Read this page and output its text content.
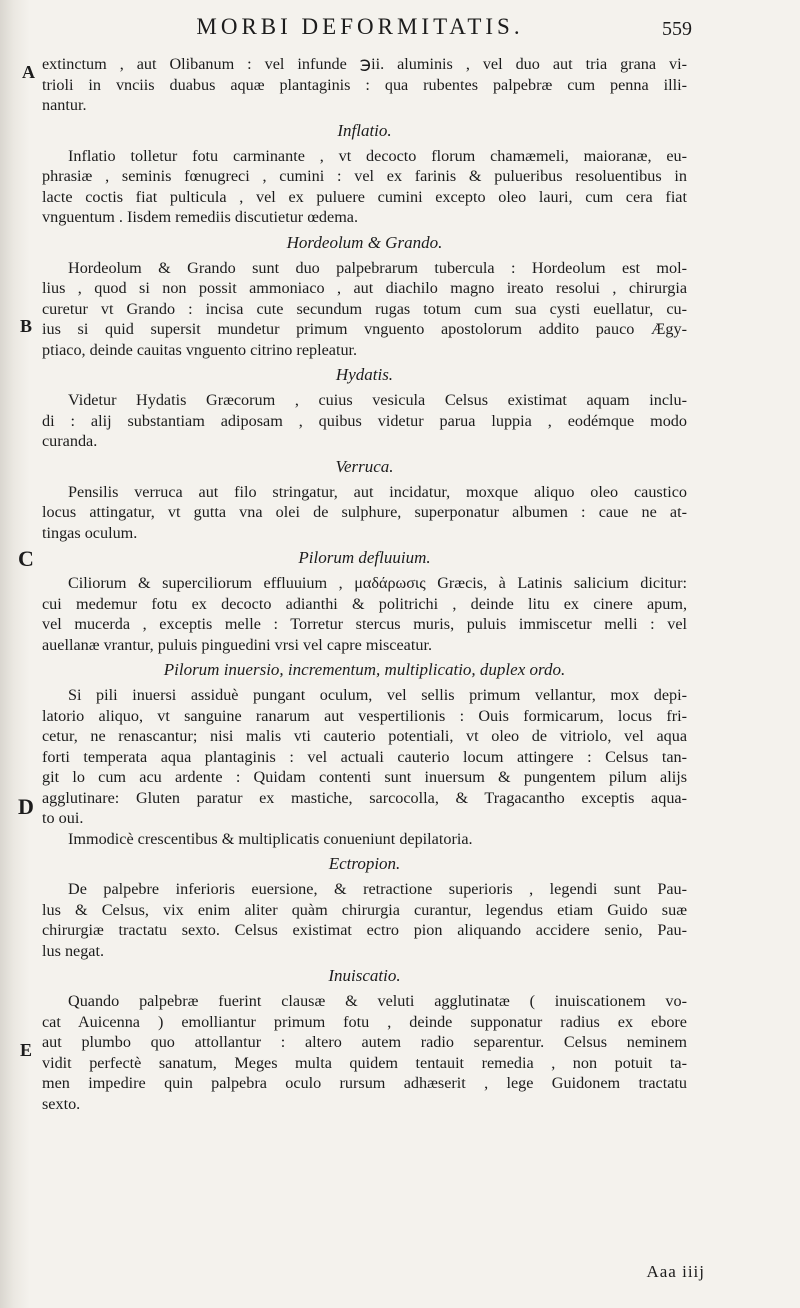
MORBI DEFORMITATIS.	559
A
B
C
D
E
extinctum , aut Olibanum : vel infunde ℈ii. aluminis , vel duo aut tria grana vi-
trioli in vnciis duabus aquæ plantaginis : qua rubentes palpebræ cum penna illi-
nantur.
Inflatio.
Inflatio tolletur fotu carminante , vt decocto florum chamæmeli, maioranæ, eu-
phrasiæ , seminis fœnugreci , cumini : vel ex farinis & pulueribus resoluentibus in
lacte coctis fiat pulticula , vel ex puluere cumini excepto oleo lauri, cum cera fiat
vnguentum . Iisdem remediis discutietur œdema.
Hordeolum & Grando.
Hordeolum & Grando sunt duo palpebrarum tubercula : Hordeolum est mol-
lius , quod si non possit ammoniaco , aut diachilo magno ireato resolui , chirurgia
curetur vt Grando : incisa cute secundum rugas totum cum sua cysti euellatur, cu-
ius si quid supersit mundetur primum vnguento apostolorum addito pauco Ægy-
ptiaco, deinde cauitas vnguento citrino repleatur.
Hydatis.
Videtur Hydatis Græcorum , cuius vesicula Celsus existimat aquam inclu-
di : alij substantiam adiposam , quibus videtur parua luppia , eodémque modo
curanda.
Verruca.
Pensilis verruca aut filo stringatur, aut incidatur, moxque aliquo oleo caustico
locus attingatur, vt gutta vna olei de sulphure, superponatur albumen : caue ne at-
tingas oculum.
Pilorum defluuium.
Ciliorum & superciliorum effluuium , μαδάρωσις Græcis, à Latinis salicium dicitur:
cui medemur fotu ex decocto adianthi & politrichi , deinde litu ex cinere apum,
vel mucerda , exceptis melle : Torretur stercus muris, puluis immiscetur melli : vel
auellanæ vrantur, puluis pinguedini vrsi vel capre misceatur.
Pilorum inuersio, incrementum, multiplicatio, duplex ordo.
Si pili inuersi assiduè pungant oculum, vel sellis primum vellantur, mox depi-
latorio aliquo, vt sanguine ranarum aut vespertilionis : Ouis formicarum, locus fri-
cetur, ne renascantur; nisi malis vti cauterio potentiali, vt oleo de vitriolo, vel aqua
forti temperata aqua plantaginis : vel actuali cauterio locum attingere : Celsus tan-
git lo cum acu ardente : Quidam contenti sunt inuersum & pungentem pilum alijs
agglutinare: Gluten paratur ex mastiche, sarcocolla, & Tragacantho exceptis aqua-
to oui.
Immodicè crescentibus & multiplicatis conueniunt depilatoria.
Ectropion.
De palpebre inferioris euersione, & retractione superioris , legendi sunt Pau-
lus & Celsus, vix enim aliter quàm chirurgia curantur, legendus etiam Guido suæ
chirurgiæ tractatu sexto. Celsus existimat ectro pion aliquando accidere senio, Pau-
lus negat.
Inuiscatio.
Quando palpebræ fuerint clausæ & veluti agglutinatæ ( inuiscationem vo-
cat Auicenna ) emolliantur primum fotu , deinde supponatur radius ex ebore
aut plumbo quo attollantur : altero autem radio separentur. Celsus neminem
vidit perfectè sanatum, Meges multa quidem tentauit remedia , non potuit ta-
men impedire quin palpebra oculo rursum adhæserit , lege Guidonem tractatu
sexto.
Aaa iiij
